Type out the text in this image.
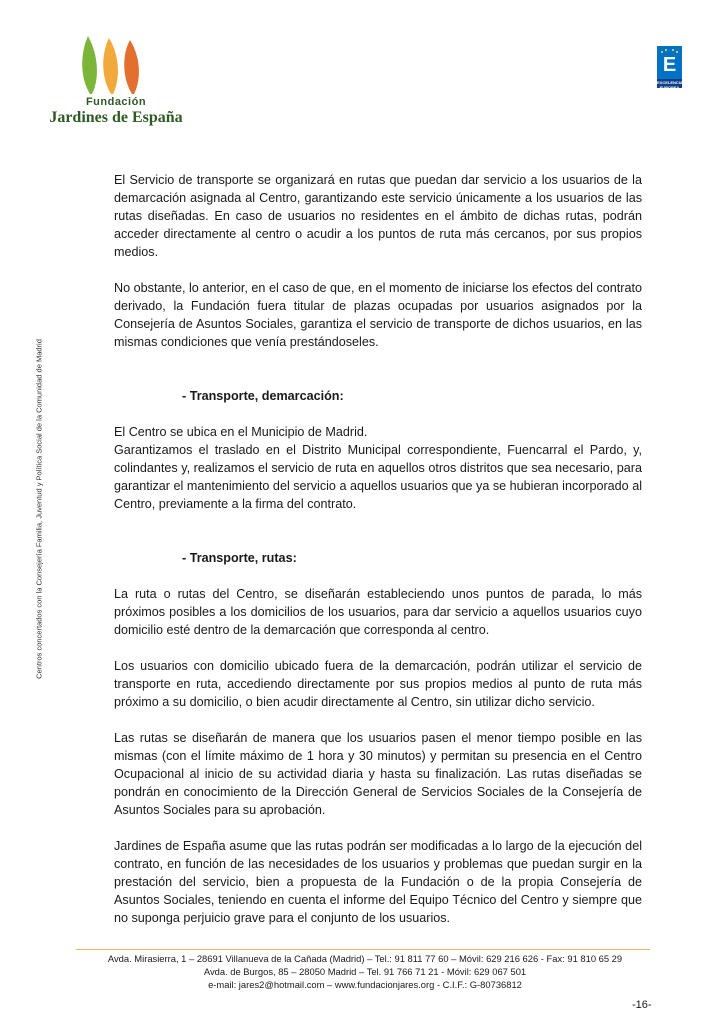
Fundación
Jardines de España
E
EXCELENCIA EUROPEA
Centros concertados con la Consejería Familia, Juventud y Política Social de la Comunidad de Madrid

El Servicio de transporte se organizará en rutas que puedan dar servicio a los usuarios de la demarcación asignada al Centro, garantizando este servicio únicamente a los usuarios de las rutas diseñadas. En caso de usuarios no residentes en el ámbito de dichas rutas, podrán acceder directamente al centro o acudir a los puntos de ruta más cercanos, por sus propios medios.

No obstante, lo anterior, en el caso de que, en el momento de iniciarse los efectos del contrato derivado, la Fundación fuera titular de plazas ocupadas por usuarios asignados por la Consejería de Asuntos Sociales, garantiza el servicio de transporte de dichos usuarios, en las mismas condiciones que venía prestándoseles.

- Transporte, demarcación:

El Centro se ubica en el Municipio de Madrid.

Garantizamos el traslado en el Distrito Municipal correspondiente, Fuencarral el Pardo, y, colindantes y, realizamos el servicio de ruta en aquellos otros distritos que sea necesario, para garantizar el mantenimiento del servicio a aquellos usuarios que ya se hubieran incorporado al Centro, previamente a la firma del contrato.

- Transporte, rutas:

La ruta o rutas del Centro, se diseñarán estableciendo unos puntos de parada, lo más próximos posibles a los domicilios de los usuarios, para dar servicio a aquellos usuarios cuyo domicilio esté dentro de la demarcación que corresponda al centro.

Los usuarios con domicilio ubicado fuera de la demarcación, podrán utilizar el servicio de transporte en ruta, accediendo directamente por sus propios medios al punto de ruta más próximo a su domicilio, o bien acudir directamente al Centro, sin utilizar dicho servicio.

Las rutas se diseñarán de manera que los usuarios pasen el menor tiempo posible en las mismas (con el límite máximo de 1 hora y 30 minutos) y permitan su presencia en el Centro Ocupacional al inicio de su actividad diaria y hasta su finalización. Las rutas diseñadas se pondrán en conocimiento de la Dirección General de Servicios Sociales de la Consejería de Asuntos Sociales para su aprobación.

Jardines de España asume que las rutas podrán ser modificadas a lo largo de la ejecución del contrato, en función de las necesidades de los usuarios y problemas que puedan surgir en la prestación del servicio, bien a propuesta de la Fundación o de la propia Consejería de Asuntos Sociales, teniendo en cuenta el informe del Equipo Técnico del Centro y siempre que no suponga perjuicio grave para el conjunto de los usuarios.

Avda. Mirasierra, 1 – 28691 Villanueva de la Cañada (Madrid) – Tel.: 91 811 77 60 – Móvil: 629 216 626 - Fax: 91 810 65 29
Avda. de Burgos, 85 – 28050 Madrid – Tel. 91 766 71 21 - Móvil: 629 067 501
e-mail: jares2@hotmail.com – www.fundacionjares.org - C.I.F.: G-80736812
-16-
